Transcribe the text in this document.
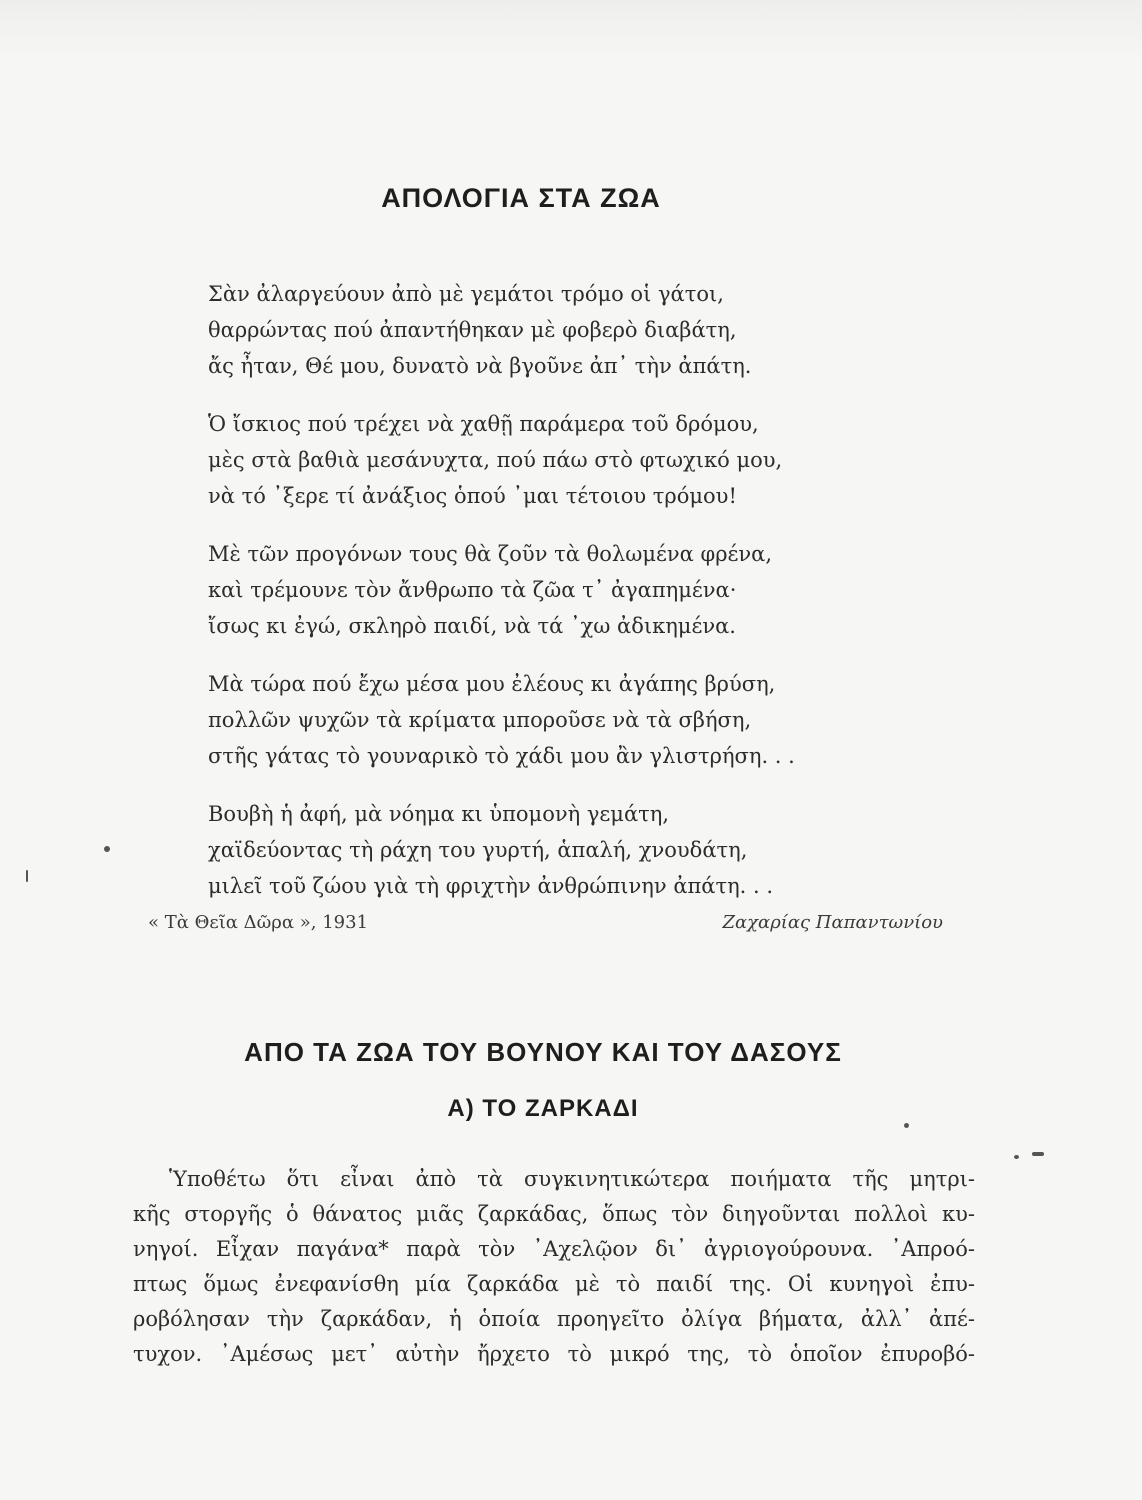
ΑΠΟΛΟΓΙΑ ΣΤΑ ΖΩΑ
Σὰν ἀλαργεύουν ἀπὸ μὲ γεμάτοι τρόμο οἱ γάτοι,
θαρρώντας πού ἀπαντήθηκαν μὲ φοβερὸ διαβάτη,
ἄς ἦταν, Θέ μου, δυνατὸ νὰ βγοῦνε ἀπ᾽ τὴν ἀπάτη.
Ὁ ἴσκιος πού τρέχει νὰ χαθῇ παράμερα τοῦ δρόμου,
μὲς στὰ βαθιὰ μεσάνυχτα, πού πάω στὸ φτωχικό μου,
νὰ τό ᾽ξερε τί ἀνάξιος ὁπού ᾽μαι τέτοιου τρόμου!
Μὲ τῶν προγόνων τους θὰ ζοῦν τὰ θολωμένα φρένα,
καὶ τρέμουνε τὸν ἄνθρωπο τὰ ζῶα τ᾽ ἀγαπημένα·
ἴσως κι ἐγώ, σκληρὸ παιδί, νὰ τά ᾽χω ἀδικημένα.
Μὰ τώρα πού ἔχω μέσα μου ἐλέους κι ἀγάπης βρύση,
πολλῶν ψυχῶν τὰ κρίματα μποροῦσε νὰ τὰ σβήση,
στῆς γάτας τὸ γουναρικὸ τὸ χάδι μου ἂν γλιστρήση. . .
Βουβὴ ἡ ἀφή, μὰ νόημα κι ὑπομονὴ γεμάτη,
χαϊδεύοντας τὴ ράχη του γυρτή, ἁπαλή, χνουδάτη,
μιλεῖ τοῦ ζώου γιὰ τὴ φριχτὴν ἀνθρώπινην ἀπάτη. . .
« Τὰ Θεῖα Δῶρα », 1931	Ζαχαρίας Παπαντωνίου
ΑΠΟ ΤΑ ΖΩΑ ΤΟΥ ΒΟΥΝΟΥ ΚΑΙ ΤΟΥ ΔΑΣΟΥΣ
Α) ΤΟ ΖΑΡΚΑΔΙ
Ὑποθέτω ὅτι εἶναι ἀπὸ τὰ συγκινητικώτερα ποιήματα τῆς μητρι-
κῆς στοργῆς ὁ θάνατος μιᾶς ζαρκάδας, ὅπως τὸν διηγοῦνται πολλοὶ κυ-
νηγοί. Εἶχαν παγάνα* παρὰ τὸν ᾽Αχελῷον δι᾽ ἀγριογούρουνα. ᾽Απροό-
πτως ὅμως ἐνεφανίσθη μία ζαρκάδα μὲ τὸ παιδί της. Οἱ κυνηγοὶ ἐπυ-
ροβόλησαν τὴν ζαρκάδαν, ἡ ὁποία προηγεῖτο ὀλίγα βήματα, ἀλλ᾽ ἀπέ-
τυχον. ᾽Αμέσως μετ᾽ αὐτὴν ἤρχετο τὸ μικρό της, τὸ ὁποῖον ἐπυροβό-
